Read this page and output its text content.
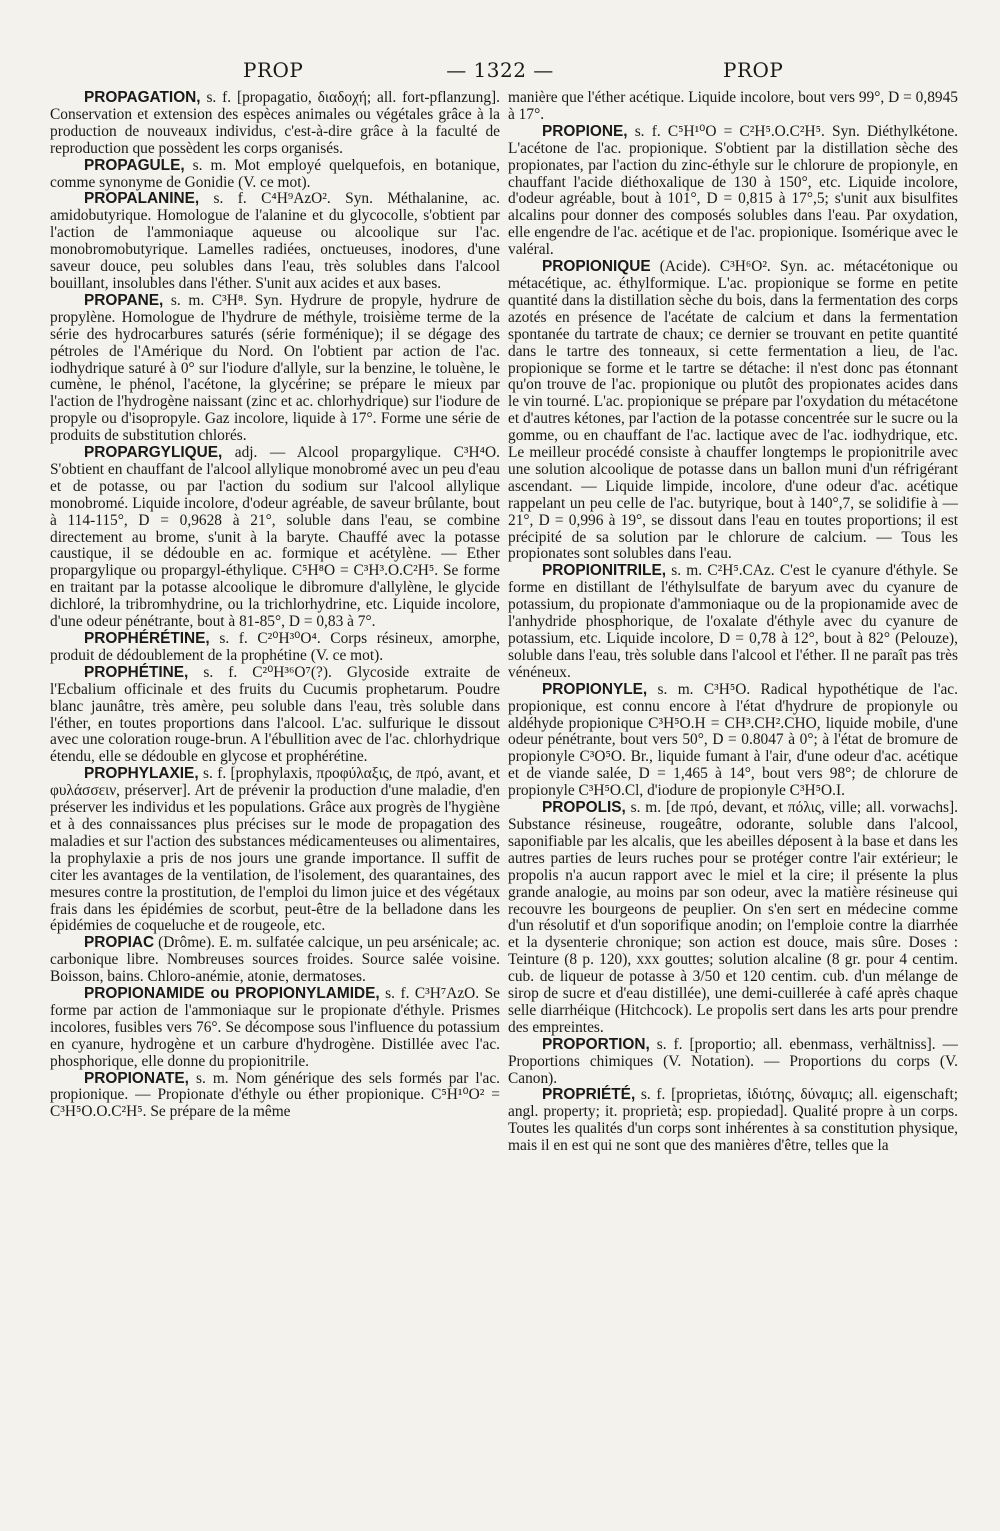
PROP	— 1322 —	PROP

PROPAGATION, s. f. [propagatio, διαδοχή; all. fort-pflanzung]. Conservation et extension des espèces animales ou végétales grâce à la production de nouveaux individus, c'est-à-dire grâce à la faculté de reproduction que possèdent les corps organisés.

PROPAGULE, s. m. Mot employé quelquefois, en botanique, comme synonyme de Gonidie (V. ce mot).

PROPALANINE, s. f. C⁴H⁹AzO². Syn. Méthalanine, ac. amidobutyrique. Homologue de l'alanine et du glycocolle, s'obtient par l'action de l'ammoniaque aqueuse ou alcoolique sur l'ac. monobromobutyrique. Lamelles radiées, onctueuses, inodores, d'une saveur douce, peu solubles dans l'eau, très solubles dans l'alcool bouillant, insolubles dans l'éther. S'unit aux acides et aux bases.

PROPANE, s. m. C³H⁸. Syn. Hydrure de propyle, hydrure de propylène. Homologue de l'hydrure de méthyle, troisième terme de la série des hydrocarbures saturés (série forménique); il se dégage des pétroles de l'Amérique du Nord. On l'obtient par action de l'ac. iodhydrique saturé à 0° sur l'iodure d'allyle, sur la benzine, le toluène, le cumène, le phénol, l'acétone, la glycérine; se prépare le mieux par l'action de l'hydrogène naissant (zinc et ac. chlorhydrique) sur l'iodure de propyle ou d'isopropyle. Gaz incolore, liquide à 17°. Forme une série de produits de substitution chlorés.

PROPARGYLIQUE, adj. — Alcool propargylique. C³H⁴O. S'obtient en chauffant de l'alcool allylique monobromé avec un peu d'eau et de potasse, ou par l'action du sodium sur l'alcool allylique monobromé. Liquide incolore, d'odeur agréable, de saveur brûlante, bout à 114-115°, D = 0,9628 à 21°, soluble dans l'eau, se combine directement au brome, s'unit à la baryte. Chauffé avec la potasse caustique, il se dédouble en ac. formique et acétylène. — Ether propargylique ou propargyl-éthylique. C⁵H⁸O = C³H³.O.C²H⁵. Se forme en traitant par la potasse alcoolique le dibromure d'allylène, le glycide dichloré, la tribromhydrine, ou la trichlorhydrine, etc. Liquide incolore, d'une odeur pénétrante, bout à 81-85°, D = 0,83 à 7°.

PROPHÉRÉTINE, s. f. C²⁰H³⁰O⁴. Corps résineux, amorphe, produit de dédoublement de la prophétine (V. ce mot).

PROPHÉTINE, s. f. C²⁰H³⁶O⁷(?). Glycoside extraite de l'Ecbalium officinale et des fruits du Cucumis prophetarum. Poudre blanc jaunâtre, très amère, peu soluble dans l'eau, très soluble dans l'éther, en toutes proportions dans l'alcool. L'ac. sulfurique le dissout avec une coloration rouge-brun. A l'ébullition avec de l'ac. chlorhydrique étendu, elle se dédouble en glycose et prophérétine.

PROPHYLAXIE, s. f. [prophylaxis, προφύλαξις, de πρό, avant, et φυλάσσειν, préserver]. Art de prévenir la production d'une maladie, d'en préserver les individus et les populations. Grâce aux progrès de l'hygiène et à des connaissances plus précises sur le mode de propagation des maladies et sur l'action des substances médicamenteuses ou alimentaires, la prophylaxie a pris de nos jours une grande importance. Il suffit de citer les avantages de la ventilation, de l'isolement, des quarantaines, des mesures contre la prostitution, de l'emploi du limon juice et des végétaux frais dans les épidémies de scorbut, peut-être de la belladone dans les épidémies de coqueluche et de rougeole, etc.

PROPIAC (Drôme). E. m. sulfatée calcique, un peu arsénicale; ac. carbonique libre. Nombreuses sources froides. Source salée voisine. Boisson, bains. Chloro-anémie, atonie, dermatoses.

PROPIONAMIDE ou PROPIONYLAMIDE, s. f. C³H⁷AzO. Se forme par action de l'ammoniaque sur le propionate d'éthyle. Prismes incolores, fusibles vers 76°. Se décompose sous l'influence du potassium en cyanure, hydrogène et un carbure d'hydrogène. Distillée avec l'ac. phosphorique, elle donne du propionitrile.

PROPIONATE, s. m. Nom générique des sels formés par l'ac. propionique. — Propionate d'éthyle ou éther propionique. C⁵H¹⁰O² = C³H⁵O.O.C²H⁵. Se prépare de la même

manière que l'éther acétique. Liquide incolore, bout vers 99°, D = 0,8945 à 17°.

PROPIONE, s. f. C⁵H¹⁰O = C²H⁵.O.C²H⁵. Syn. Diéthylkétone. L'acétone de l'ac. propionique. S'obtient par la distillation sèche des propionates, par l'action du zinc-éthyle sur le chlorure de propionyle, en chauffant l'acide diéthoxalique de 130 à 150°, etc. Liquide incolore, d'odeur agréable, bout à 101°, D = 0,815 à 17°,5; s'unit aux bisulfites alcalins pour donner des composés solubles dans l'eau. Par oxydation, elle engendre de l'ac. acétique et de l'ac. propionique. Isomérique avec le valéral.

PROPIONIQUE (Acide). C³H⁶O². Syn. ac. métacétonique ou métacétique, ac. éthylformique. L'ac. propionique se forme en petite quantité dans la distillation sèche du bois, dans la fermentation des corps azotés en présence de l'acétate de calcium et dans la fermentation spontanée du tartrate de chaux; ce dernier se trouvant en petite quantité dans le tartre des tonneaux, si cette fermentation a lieu, de l'ac. propionique se forme et le tartre se détache: il n'est donc pas étonnant qu'on trouve de l'ac. propionique ou plutôt des propionates acides dans le vin tourné. L'ac. propionique se prépare par l'oxydation du métacétone et d'autres kétones, par l'action de la potasse concentrée sur le sucre ou la gomme, ou en chauffant de l'ac. lactique avec de l'ac. iodhydrique, etc. Le meilleur procédé consiste à chauffer longtemps le propionitrile avec une solution alcoolique de potasse dans un ballon muni d'un réfrigérant ascendant. — Liquide limpide, incolore, d'une odeur d'ac. acétique rappelant un peu celle de l'ac. butyrique, bout à 140°,7, se solidifie à — 21°, D = 0,996 à 19°, se dissout dans l'eau en toutes proportions; il est précipité de sa solution par le chlorure de calcium. — Tous les propionates sont solubles dans l'eau.

PROPIONITRILE, s. m. C²H⁵.CAz. C'est le cyanure d'éthyle. Se forme en distillant de l'éthylsulfate de baryum avec du cyanure de potassium, du propionate d'ammoniaque ou de la propionamide avec de l'anhydride phosphorique, de l'oxalate d'éthyle avec du cyanure de potassium, etc. Liquide incolore, D = 0,78 à 12°, bout à 82° (Pelouze), soluble dans l'eau, très soluble dans l'alcool et l'éther. Il ne paraît pas très vénéneux.

PROPIONYLE, s. m. C³H⁵O. Radical hypothétique de l'ac. propionique, est connu encore à l'état d'hydrure de propionyle ou aldéhyde propionique C³H⁵O.H = CH³.CH².CHO, liquide mobile, d'une odeur pénétrante, bout vers 50°, D = 0.8047 à 0°; à l'état de bromure de propionyle C³O⁵O. Br., liquide fumant à l'air, d'une odeur d'ac. acétique et de viande salée, D = 1,465 à 14°, bout vers 98°; de chlorure de propionyle C³H⁵O.Cl, d'iodure de propionyle C³H⁵O.I.

PROPOLIS, s. m. [de πρό, devant, et πόλις, ville; all. vorwachs]. Substance résineuse, rougeâtre, odorante, soluble dans l'alcool, saponifiable par les alcalis, que les abeilles déposent à la base et dans les autres parties de leurs ruches pour se protéger contre l'air extérieur; le propolis n'a aucun rapport avec le miel et la cire; il présente la plus grande analogie, au moins par son odeur, avec la matière résineuse qui recouvre les bourgeons de peuplier. On s'en sert en médecine comme d'un résolutif et d'un soporifique anodin; on l'emploie contre la diarrhée et la dysenterie chronique; son action est douce, mais sûre. Doses : Teinture (8 p. 120), xxx gouttes; solution alcaline (8 gr. pour 4 centim. cub. de liqueur de potasse à 3/50 et 120 centim. cub. d'un mélange de sirop de sucre et d'eau distillée), une demi-cuillerée à café après chaque selle diarrhéique (Hitchcock). Le propolis sert dans les arts pour prendre des empreintes.

PROPORTION, s. f. [proportio; all. ebenmass, verhältniss]. — Proportions chimiques (V. Notation). — Proportions du corps (V. Canon).

PROPRIÉTÉ, s. f. [proprietas, ἰδιότης, δύναμις; all. eigenschaft; angl. property; it. proprietà; esp. propiedad]. Qualité propre à un corps. Toutes les qualités d'un corps sont inhérentes à sa constitution physique, mais il en est qui ne sont que des manières d'être, telles que la
